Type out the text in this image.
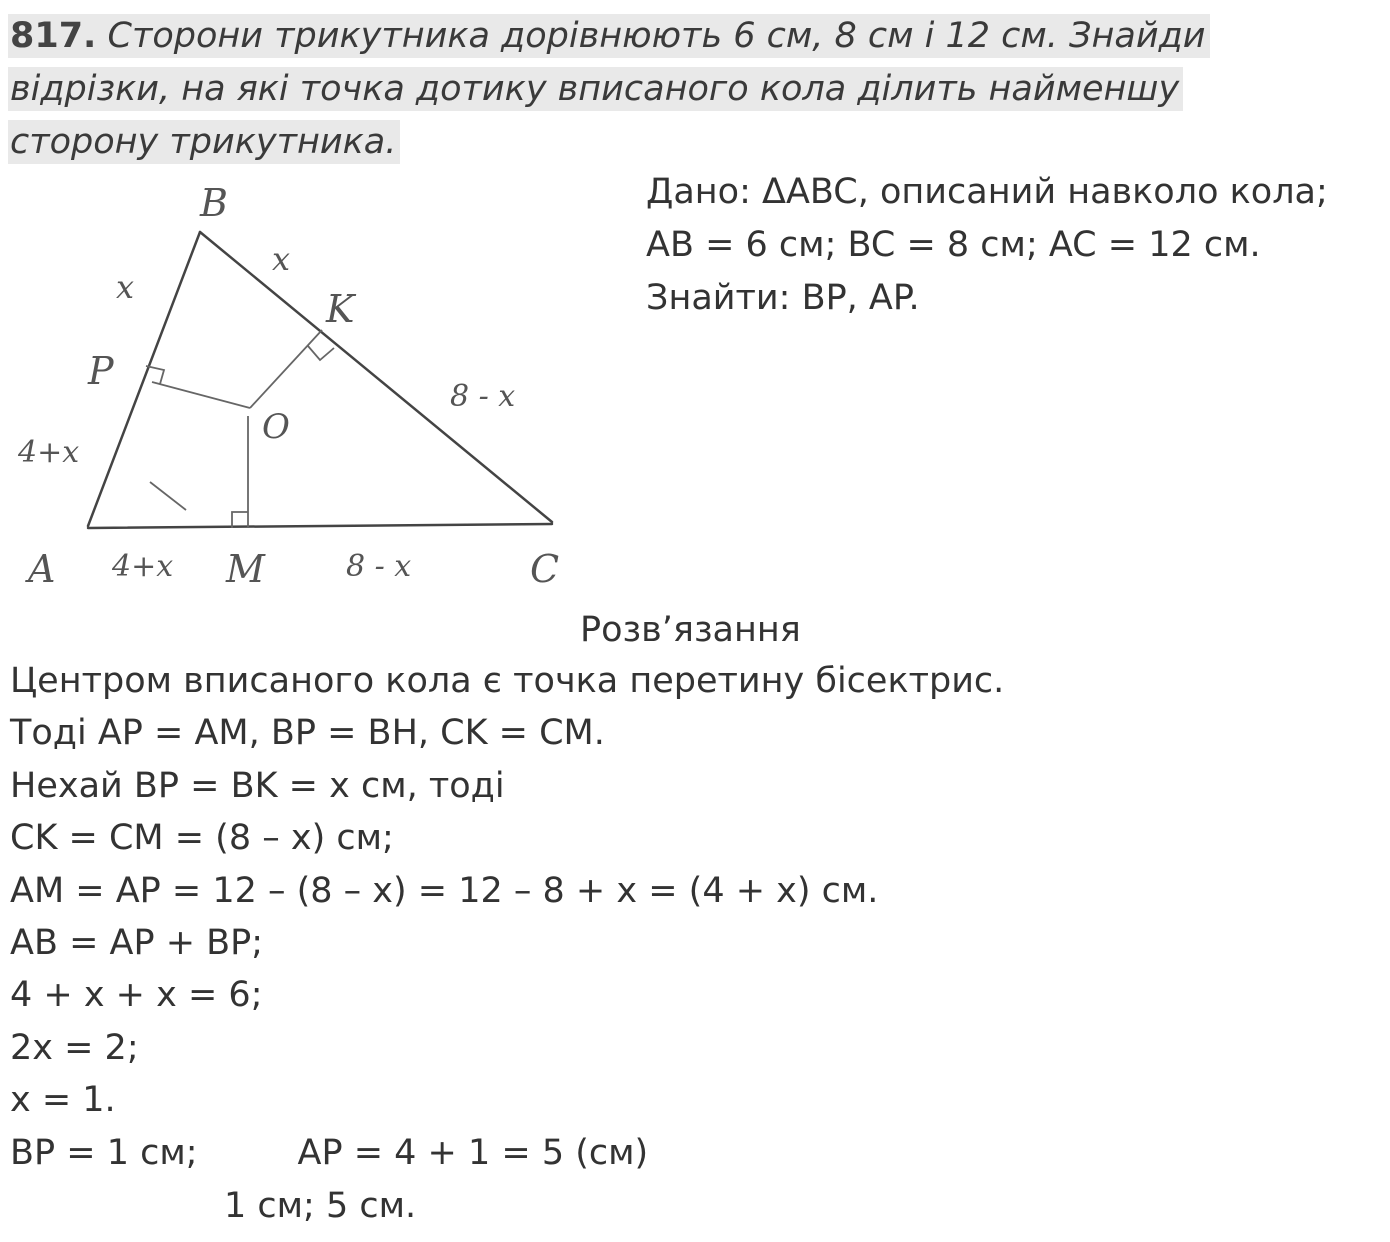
817. Сторони трикутника дорівнюють 6 см, 8 см і 12 см. Знайди
відрізки, на які точка дотику вписаного кола ділить найменшу
сторону трикутника.
B
K
P
O
A	M	C
x
x
8 - x
4+x
4+x	8 - x
Дано: ΔABC, описаний навколо кола;
AB = 6 см; BC = 8 см; AC = 12 см.
Знайти: BP, AP.
Розв’язання
Центром вписаного кола є точка перетину бісектрис.
Тоді AP = AM, BP = BH, CK = CM.
Нехай BP = BK = x см, тоді
CK = CM = (8 – x) см;
AM = AP = 12 – (8 – x) = 12 – 8 + x = (4 + x) см.
AB = AP + BP;
4 + x + x = 6;
2x = 2;
x = 1.
BP = 1 см;	AP = 4 + 1 = 5 (см)
1 см; 5 см.
